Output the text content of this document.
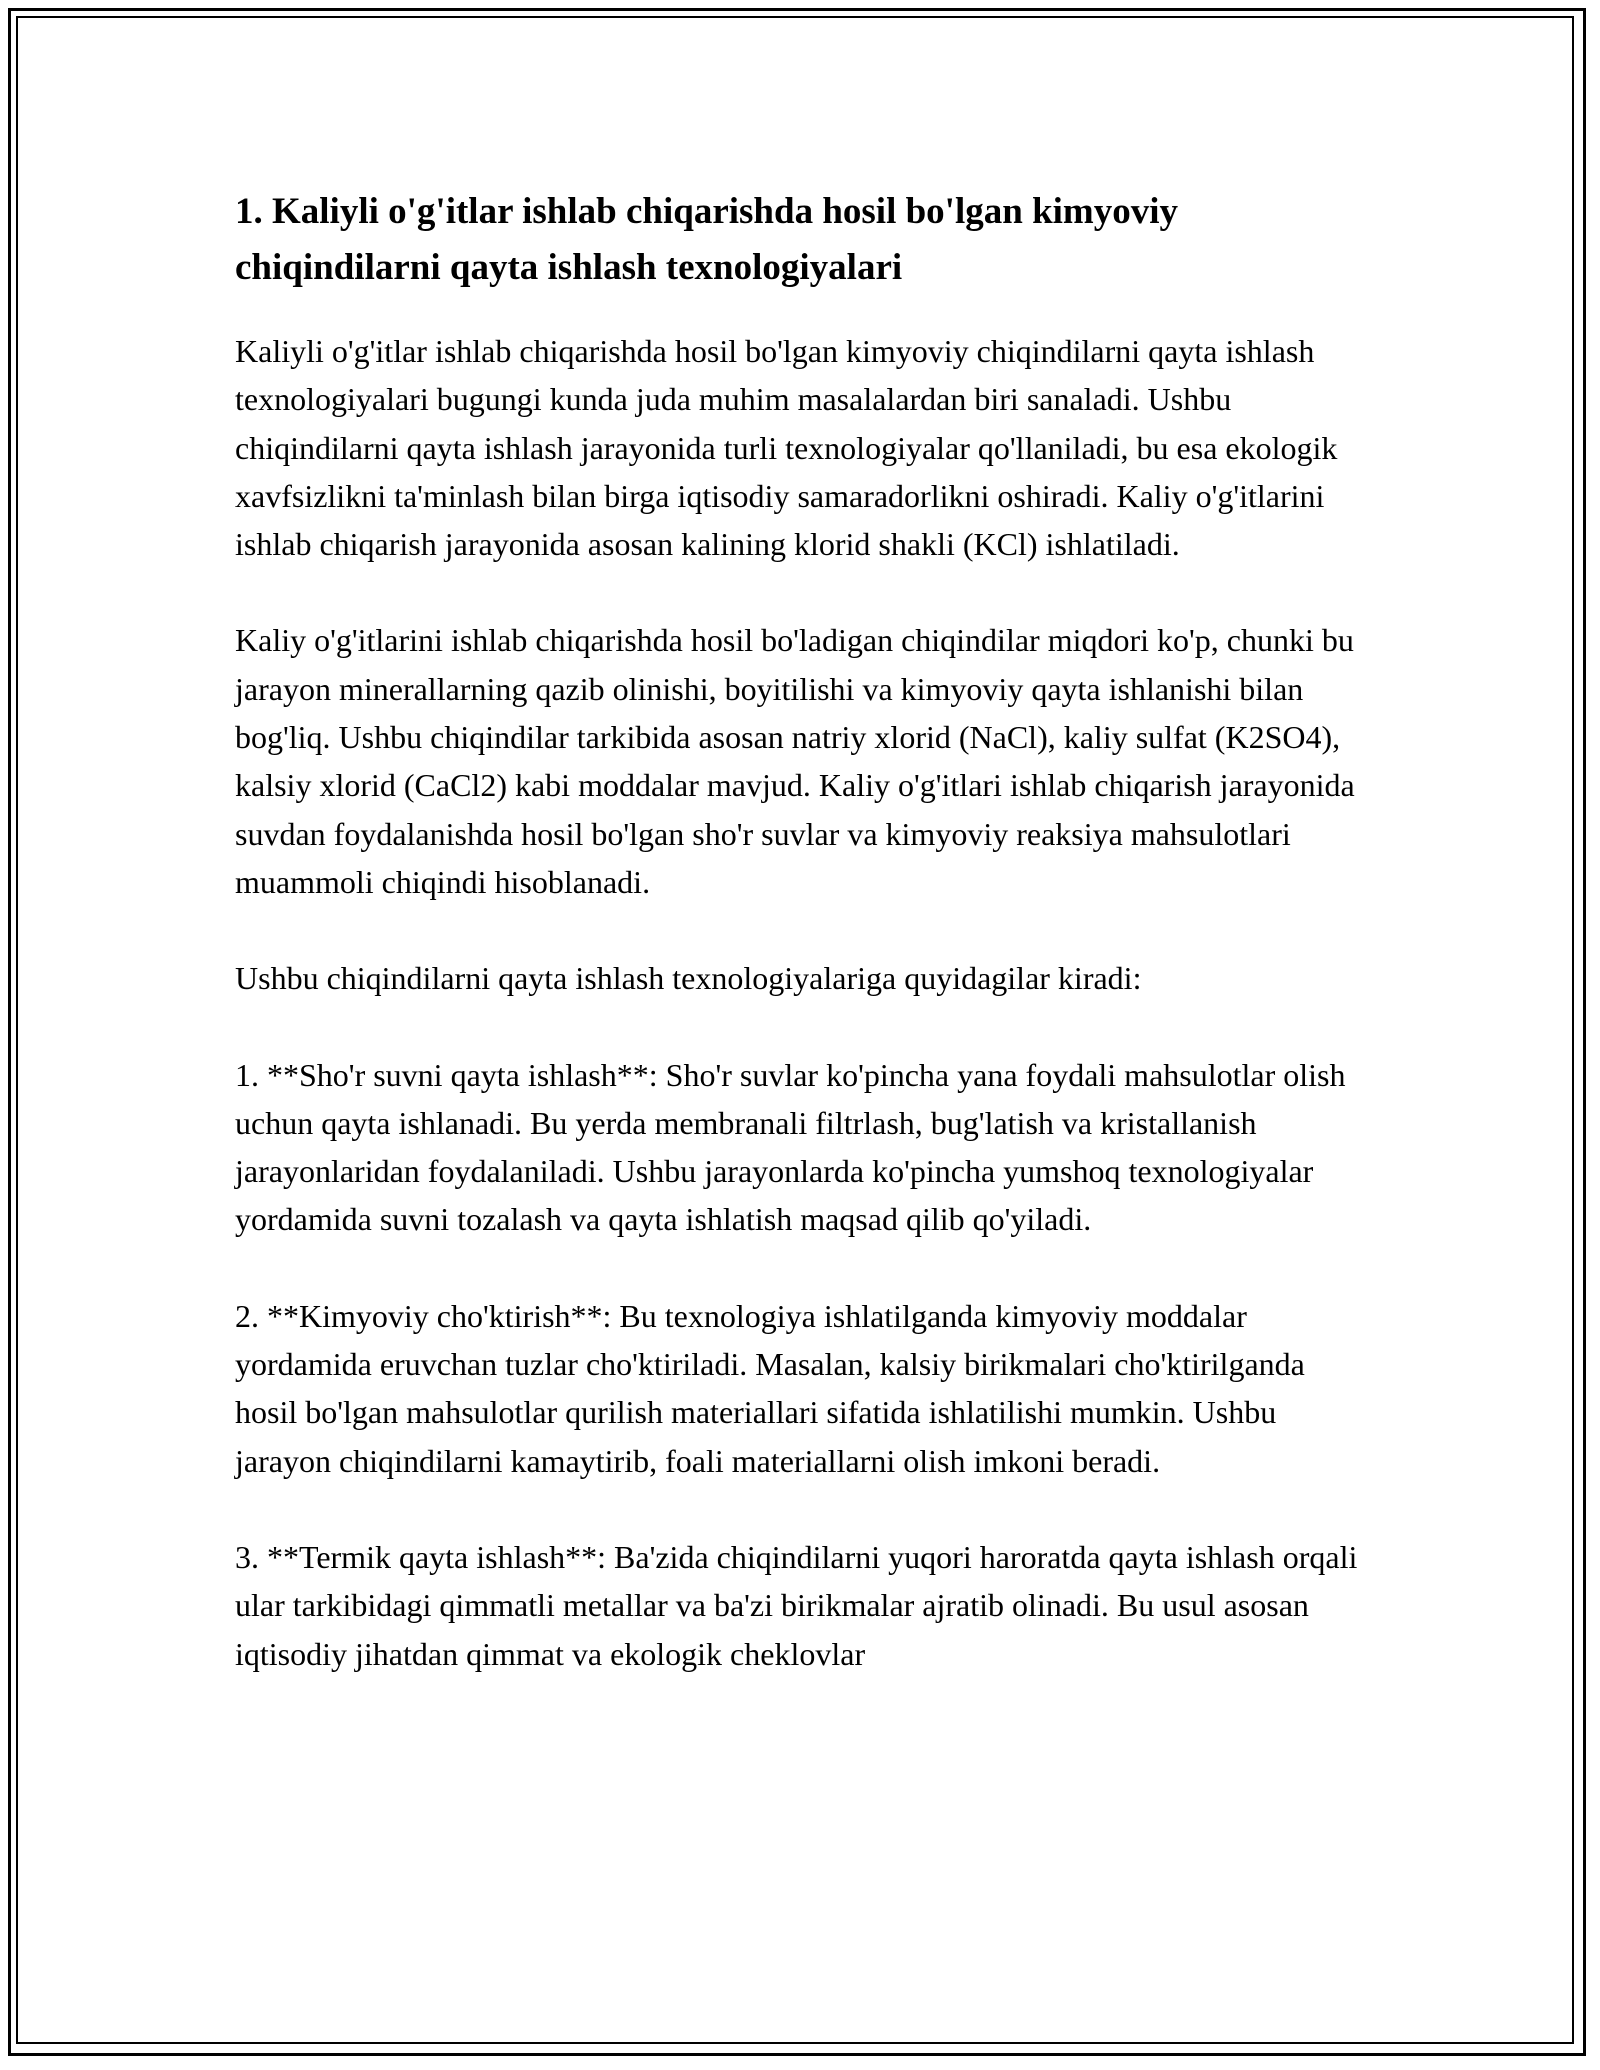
1. Kaliyli o'g'itlar ishlab chiqarishda hosil bo'lgan kimyoviy chiqindilarni qayta ishlash texnologiyalari

Kaliyli o'g'itlar ishlab chiqarishda hosil bo'lgan kimyoviy chiqindilarni qayta ishlash texnologiyalari bugungi kunda juda muhim masalalardan biri sanaladi. Ushbu chiqindilarni qayta ishlash jarayonida turli texnologiyalar qo'llaniladi, bu esa ekologik xavfsizlikni ta'minlash bilan birga iqtisodiy samaradorlikni oshiradi. Kaliy o'g'itlarini ishlab chiqarish jarayonida asosan kalining klorid shakli (KCl) ishlatiladi.

Kaliy o'g'itlarini ishlab chiqarishda hosil bo'ladigan chiqindilar miqdori ko'p, chunki bu jarayon minerallarning qazib olinishi, boyitilishi va kimyoviy qayta ishlanishi bilan bog'liq. Ushbu chiqindilar tarkibida asosan natriy xlorid (NaCl), kaliy sulfat (K2SO4), kalsiy xlorid (CaCl2) kabi moddalar mavjud. Kaliy o'g'itlari ishlab chiqarish jarayonida suvdan foydalanishda hosil bo'lgan sho'r suvlar va kimyoviy reaksiya mahsulotlari muammoli chiqindi hisoblanadi.

Ushbu chiqindilarni qayta ishlash texnologiyalariga quyidagilar kiradi:

1. **Sho'r suvni qayta ishlash**: Sho'r suvlar ko'pincha yana foydali mahsulotlar olish uchun qayta ishlanadi. Bu yerda membranali filtrlash, bug'latish va kristallanish jarayonlaridan foydalaniladi. Ushbu jarayonlarda ko'pincha yumshoq texnologiyalar yordamida suvni tozalash va qayta ishlatish maqsad qilib qo'yiladi.

2. **Kimyoviy cho'ktirish**: Bu texnologiya ishlatilganda kimyoviy moddalar yordamida eruvchan tuzlar cho'ktiriladi. Masalan, kalsiy birikmalari cho'ktirilganda hosil bo'lgan mahsulotlar qurilish materiallari sifatida ishlatilishi mumkin. Ushbu jarayon chiqindilarni kamaytirib, foali materiallarni olish imkoni beradi.

3. **Termik qayta ishlash**: Ba'zida chiqindilarni yuqori haroratda qayta ishlash orqali ular tarkibidagi qimmatli metallar va ba'zi birikmalar ajratib olinadi. Bu usul asosan iqtisodiy jihatdan qimmat va ekologik cheklovlar
